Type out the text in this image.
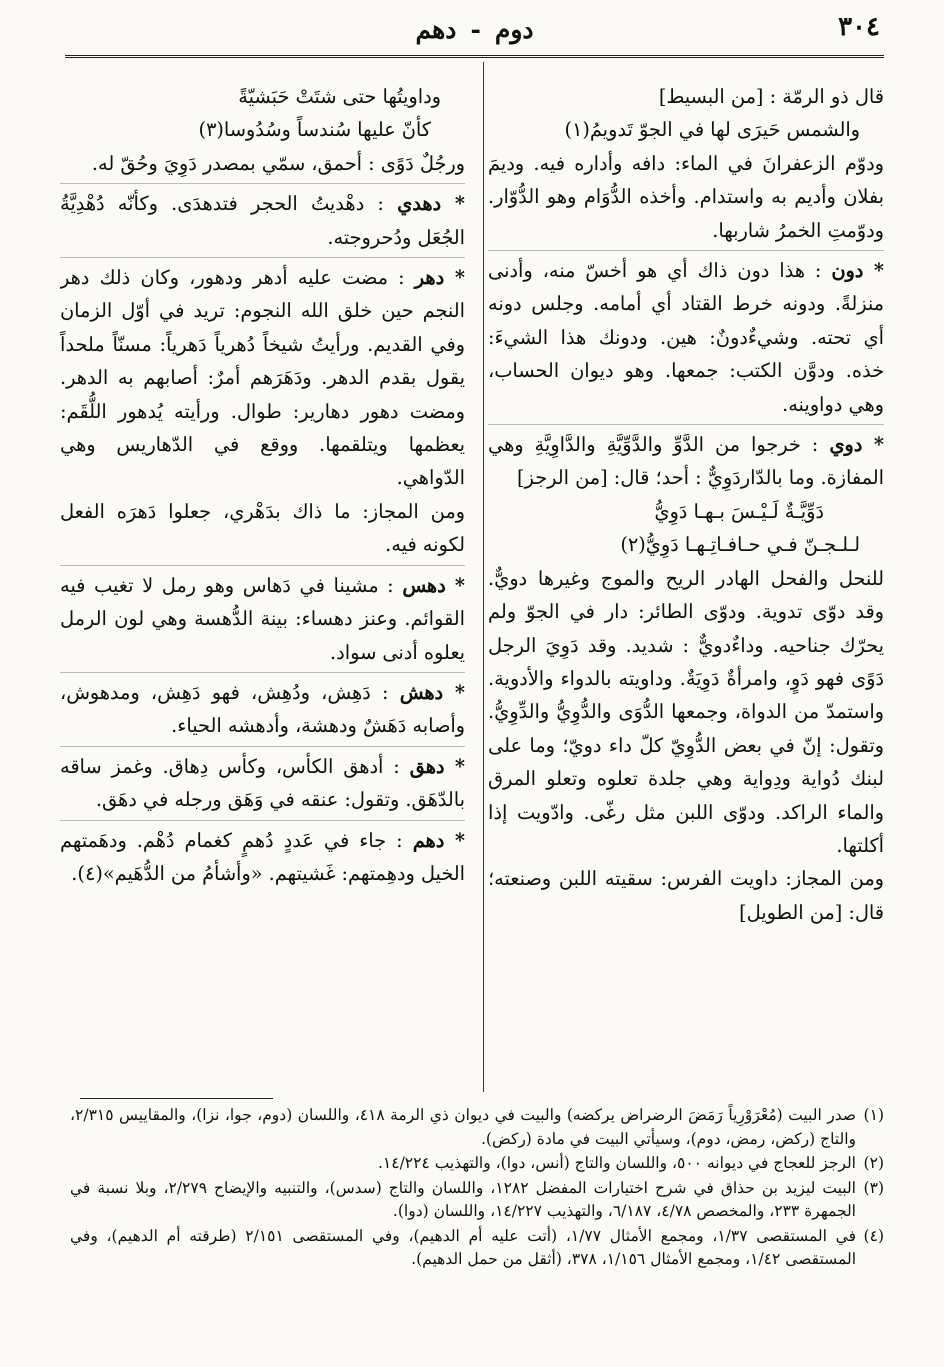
٣٠٤
دوم-دهم

قال ذو الرمّة : [من البسيط]

والشمس حَيرَى لها في الجوّ تَدويمُ(١)

ودوّم الزعفرانَ في الماء: دافه وأداره فيه. وديمَ بفلان وأديم به واستدام. وأخذه الدُّوَام وهو الدُّوّار. ودوّمتِ الخمرُ شاربها.

* دون : هذا دون ذاك أي هو أخسّ منه، وأدنى منزلةً. ودونه خرط القتاد أي أمامه. وجلس دونه أي تحته. وشيءٌدونٌ: هين. ودونك هذا الشيءَ: خذه. ودوَّن الكتب: جمعها. وهو ديوان الحساب، وهي دواوينه.

* دوي : خرجوا من الدَّوِّ والدَّوِّيَّةِ والدَّاوِيَّةِ وهي المفازة. وما بالدّاردَوِيٌّ : أحد؛ قال: [من الرجز]

دَوِّيَّـةٌ لَـيْـسَ بـهـا دَوِيُّ

لـلـجـنّ فـي حـافـاتِـهـا دَوِيُّ(٢)

للنحل والفحل الهادر الريح والموج وغيرها دويٌّ. وقد دوّى تدوية. ودوّى الطائر: دار في الجوّ ولم يحرّك جناحيه. وداءٌدويٌّ : شديد. وقد دَوِيَ الرجل دَوًى فهو دَوٍ، وامرأةٌ دَوِيَةٌ. وداويته بالدواء والأدوية. واستمدّ من الدواة، وجمعها الدُّوَى والدُّوِيُّ والدِّوِيُّ. وتقول: إنّ في بعض الدُّوِيّ كلّ داء دويّ؛ وما على لبنك دُواية ودِواية وهي جلدة تعلوه وتعلو المرق والماء الراكد. ودوّى اللبن مثل رغّى. وادّويت إذا أكلتها.

ومن المجاز: داويت الفرس: سقيته اللبن وصنعته؛ قال: [من الطويل]

وداويتُها حتى شتَتْ حَبَشيّةً

كأنّ عليها سُندساً وسُدُوسا(٣)

ورجُلٌ دَوًى : أحمق، سمّي بمصدر دَوِيَ وحُقّ له.

* دهدي : دهْديتُ الحجر فتدهدَى. وكأنّه دُهْدِيَّةُ الجُعَل ودُحروجته.

* دهر : مضت عليه أدهر ودهور، وكان ذلك دهر النجم حين خلق الله النجوم: تريد في أوّل الزمان وفي القديم. ورأيتُ شيخاً دُهرياً دَهرياً: مسنّاً ملحداً يقول بقدم الدهر. ودَهَرَهم أمرٌ: أصابهم به الدهر. ومضت دهور دهارير: طوال. ورأيته يُدهور اللُّقَم: يعظمها ويتلقمها. ووقع في الدّهاريس وهي الدّواهي.

ومن المجاز: ما ذاك بدَهْري، جعلوا دَهرَه الفعل لكونه فيه.

* دهس : مشينا في دَهاس وهو رمل لا تغيب فيه القوائم. وعنز دهساء: بينة الدُّهسة وهي لون الرمل يعلوه أدنى سواد.

* دهش : دَهِش، ودُهِش، فهو دَهِش، ومدهوش، وأصابه دَهَشٌ ودهشة، وأدهشه الحياء.

* دهق : أدهق الكأس، وكأس دِهاق. وغمز ساقه بالدّهَق. وتقول: عنقه في وَهَق ورجله في دهَق.

* دهم : جاء في عَددٍ دُهمٍ كغمام دُهْم. ودهَمتهم الخيل ودهِمتهم: غَشيتهم. «وأشأمُ من الدُّهَيم»(٤).

(١)
صدر البيت (مُعْرَوْرِياً رَمَضَ الرضراض يركضه) والبيت في ديوان ذي الرمة ٤١٨، واللسان (دوم، جوا، نزا)، والمقاييس ٢/٣١٥، والتاج (ركض، رمض، دوم)، وسيأتي البيت في مادة (ركض).

(٢)
الرجز للعجاج في ديوانه ٥٠٠، واللسان والتاج (أنس، دوا)، والتهذيب ١٤/٢٢٤.

(٣)
البيت ليزيد بن حذاق في شرح اختيارات المفضل ١٢٨٢، واللسان والتاج (سدس)، والتنبيه والإيضاح ٢/٢٧٩، وبلا نسبة في الجمهرة ٢٣٣، والمخصص ٤/٧٨، ٦/١٨٧، والتهذيب ١٤/٢٢٧، واللسان (دوا).

(٤)
في المستقصى ١/٣٧، ومجمع الأمثال ١/٧٧، (أتت عليه أم الدهيم)، وفي المستقصى ٢/١٥١ (طرقته أم الدهيم)، وفي المستقصى ١/٤٢، ومجمع الأمثال ١/١٥٦، ٣٧٨، (أثقل من حمل الدهيم).
